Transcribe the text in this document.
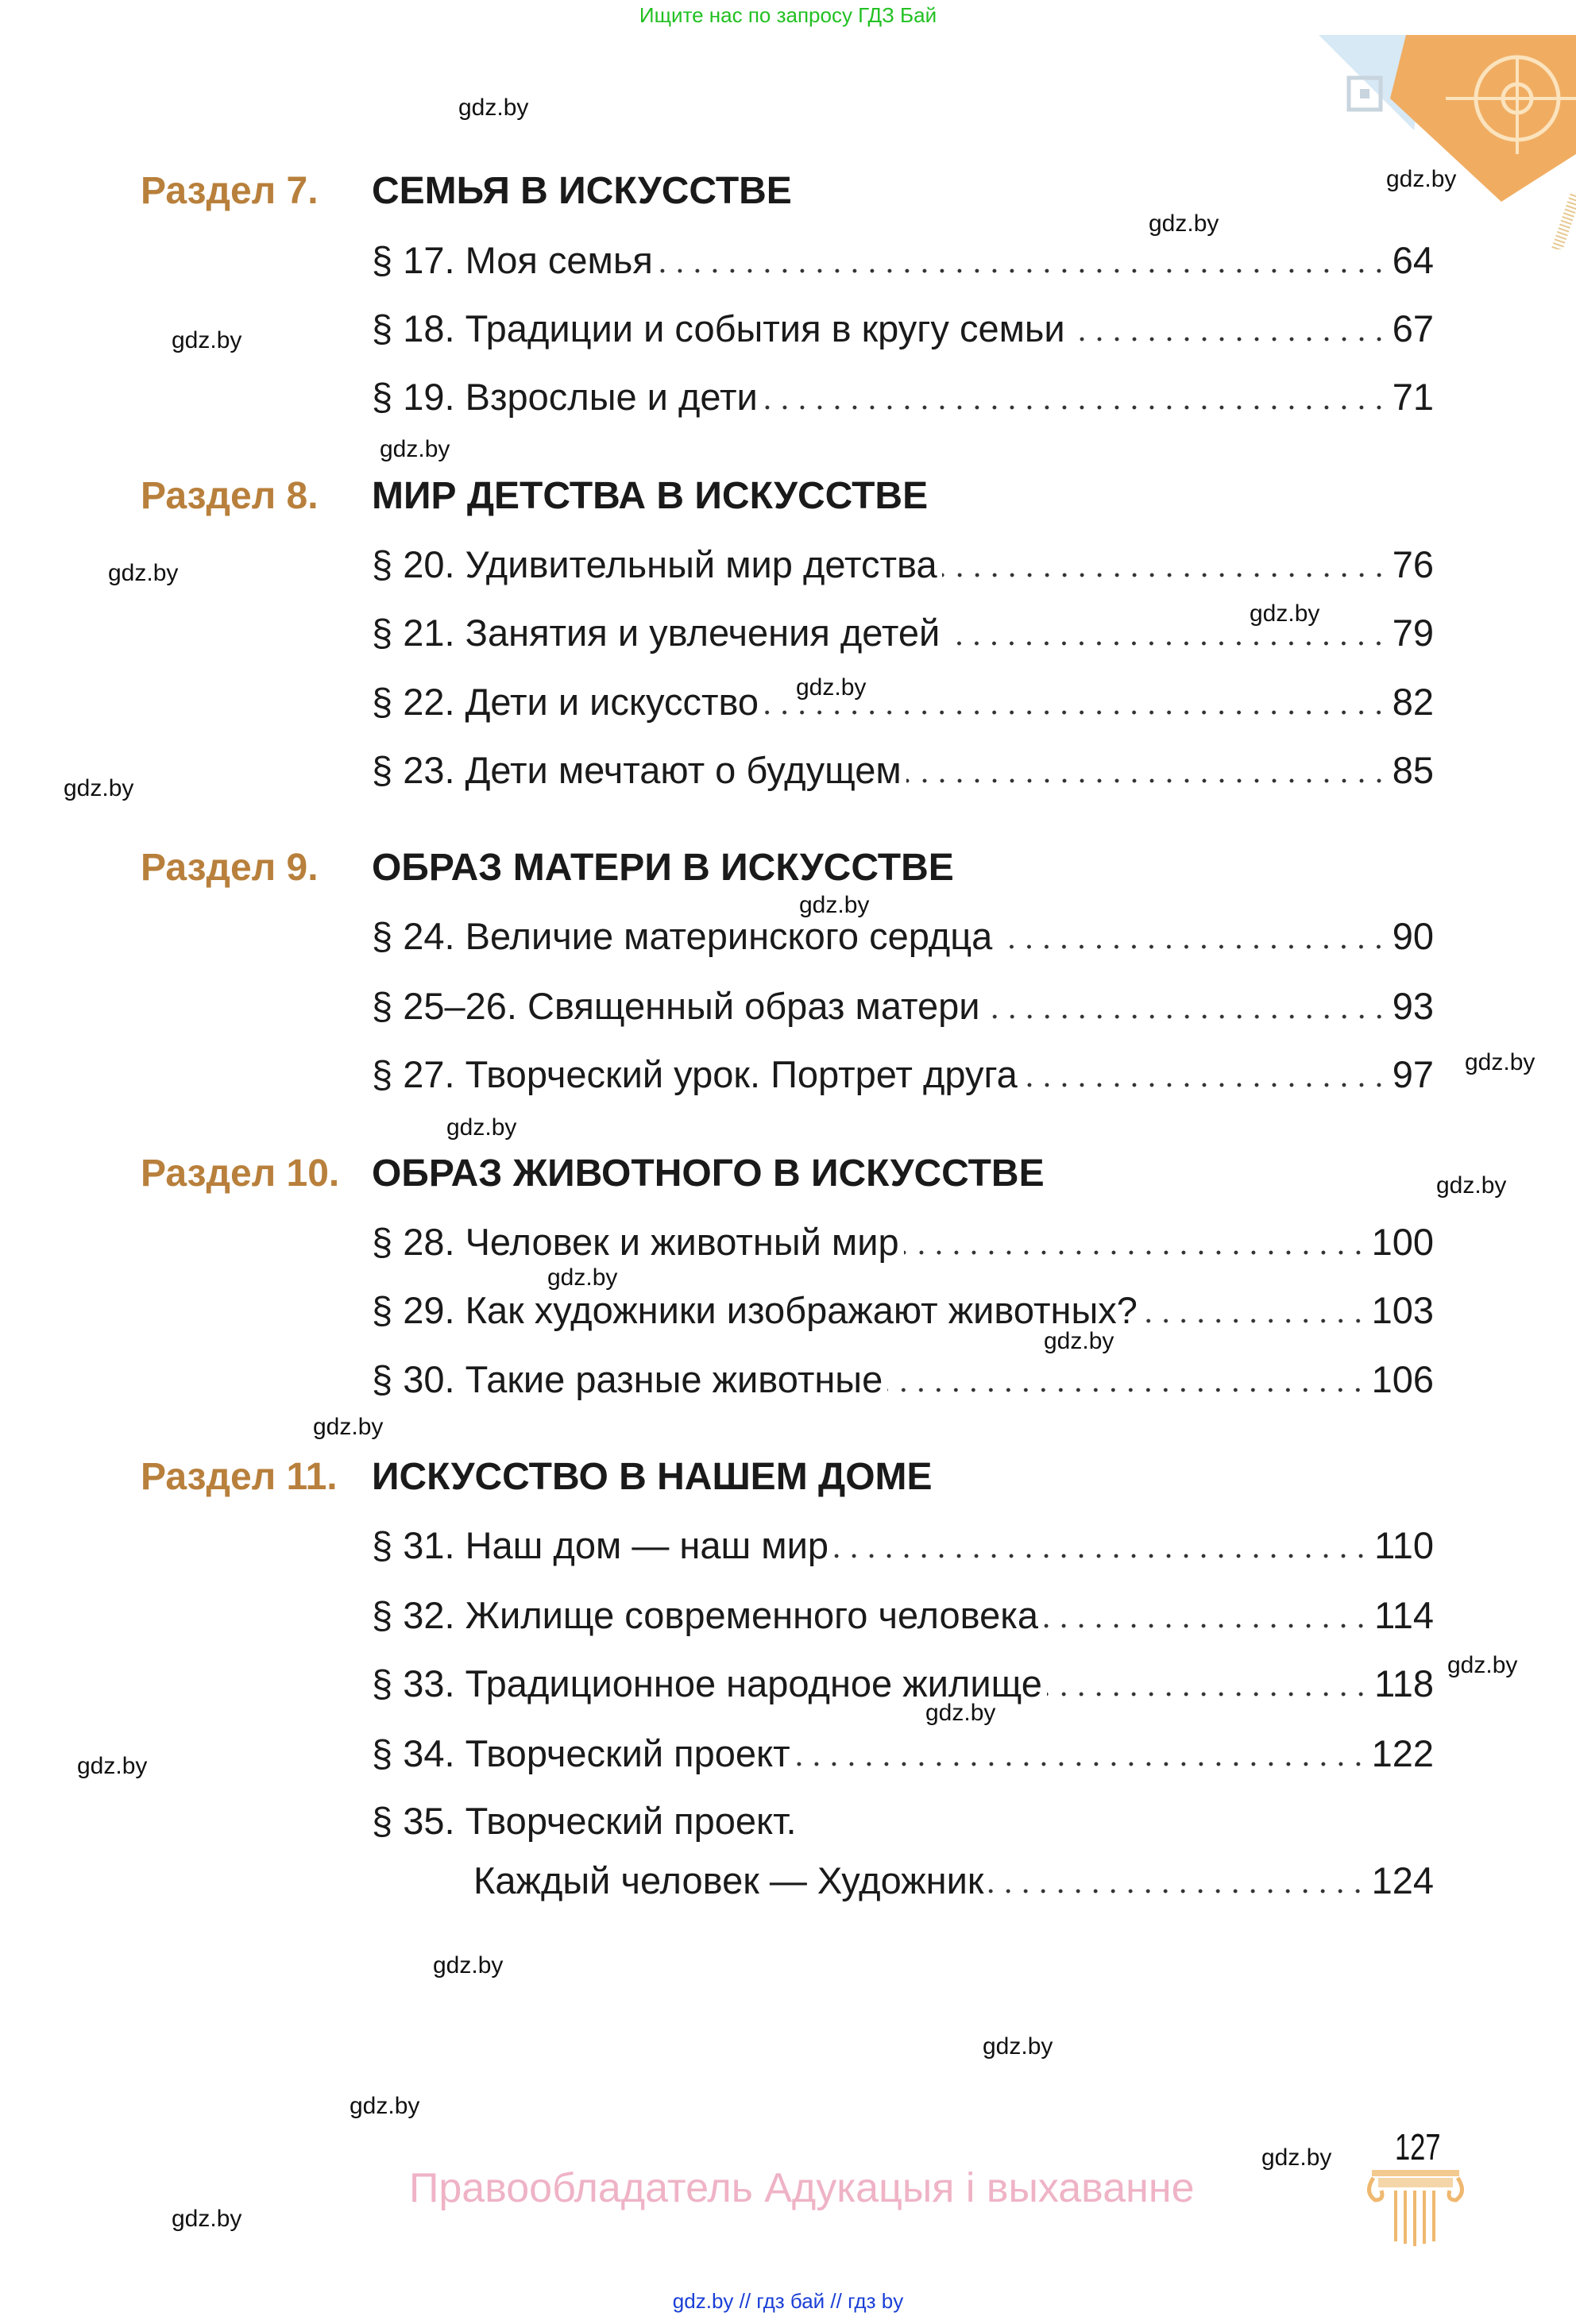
Ищите нас по запросу ГДЗ Бай
Раздел 7. СЕМЬЯ В ИСКУССТВЕ
§ 17. Моя семья	64
§ 18. Традиции и события в кругу семьи	67
§ 19. Взрослые и дети	71
Раздел 8. МИР ДЕТСТВА В ИСКУССТВЕ
§ 20. Удивительный мир детства	76
§ 21. Занятия и увлечения детей	79
§ 22. Дети и искусство	82
§ 23. Дети мечтают о будущем	85
Раздел 9. ОБРАЗ МАТЕРИ В ИСКУССТВЕ
§ 24. Величие материнского сердца	90
§ 25–26. Священный образ матери	93
§ 27. Творческий урок. Портрет друга	97
Раздел 10. ОБРАЗ ЖИВОТНОГО В ИСКУССТВЕ
§ 28. Человек и животный мир	100
§ 29. Как художники изображают животных?	103
§ 30. Такие разные животные	106
Раздел 11. ИСКУССТВО В НАШЕМ ДОМЕ
§ 31. Наш дом — наш мир	110
§ 32. Жилище современного человека	114
§ 33. Традиционное народное жилище	118
§ 34. Творческий проект	122
§ 35. Творческий проект.
Каждый человек — Художник	124
gdz.by
gdz.by
gdz.by
gdz.by
gdz.by
gdz.by
gdz.by
gdz.by
gdz.by
gdz.by
gdz.by
gdz.by
gdz.by
gdz.by
gdz.by
gdz.by
gdz.by
gdz.by
gdz.by
gdz.by
gdz.by
gdz.by
gdz.by
gdz.by
Правообладатель Адукацыя і выхаванне
127
gdz.by // гдз бай // гдз by
